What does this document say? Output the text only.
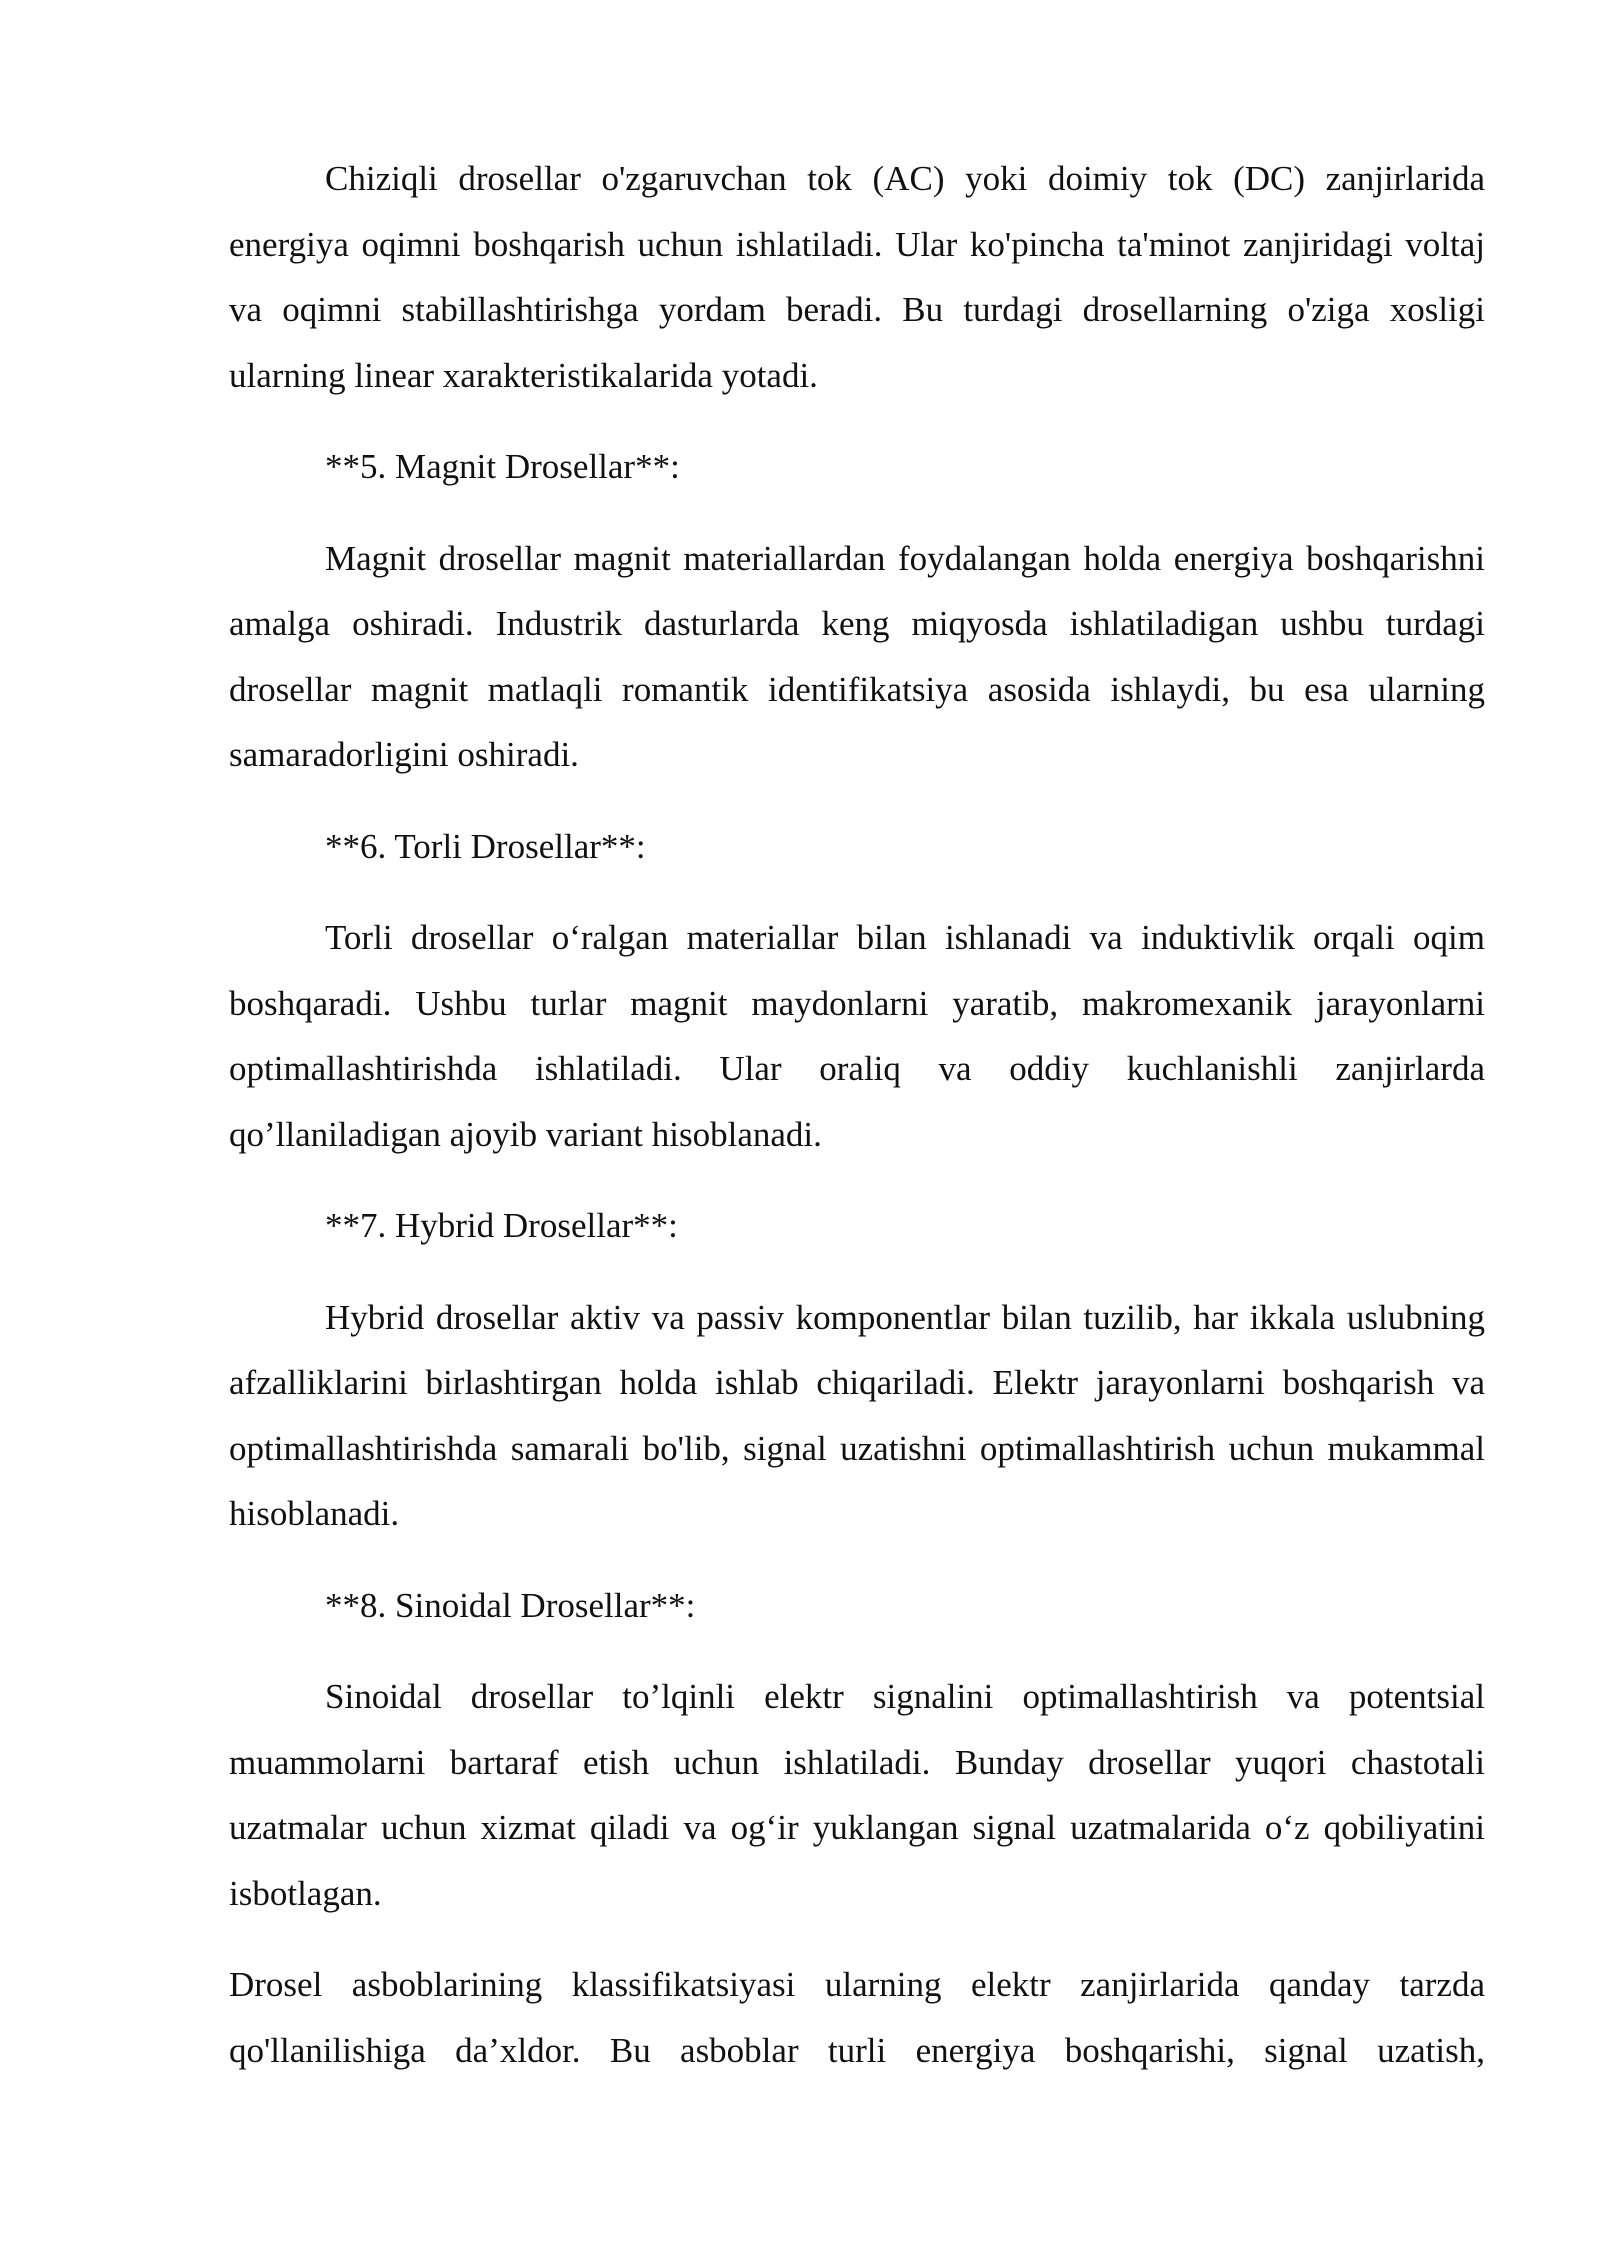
Chiziqli drosellar o'zgaruvchan tok (AC) yoki doimiy tok (DC) zanjirlarida energiya oqimni boshqarish uchun ishlatiladi. Ular ko'pincha ta'minot zanjiridagi voltaj va oqimni stabillashtirishga yordam beradi. Bu turdagi drosellarning o'ziga xosligi ularning linear xarakteristikalarida yotadi.

**5. Magnit Drosellar**:

Magnit drosellar magnit materiallardan foydalangan holda energiya boshqarishni amalga oshiradi. Industrik dasturlarda keng miqyosda ishlatiladigan ushbu turdagi drosellar magnit matlaqli romantik identifikatsiya asosida ishlaydi, bu esa ularning samaradorligini oshiradi.

**6. Torli Drosellar**:

Torli drosellar o‘ralgan materiallar bilan ishlanadi va induktivlik orqali oqim boshqaradi. Ushbu turlar magnit maydonlarni yaratib, makromexanik jarayonlarni optimallashtirishda ishlatiladi. Ular oraliq va oddiy kuchlanishli zanjirlarda qo’llaniladigan ajoyib variant hisoblanadi.

**7. Hybrid Drosellar**:

Hybrid drosellar aktiv va passiv komponentlar bilan tuzilib, har ikkala uslubning afzalliklarini birlashtirgan holda ishlab chiqariladi. Elektr jarayonlarni boshqarish va optimallashtirishda samarali bo'lib, signal uzatishni optimallashtirish uchun mukammal hisoblanadi.

**8. Sinoidal Drosellar**:

Sinoidal drosellar to’lqinli elektr signalini optimallashtirish va potentsial muammolarni bartaraf etish uchun ishlatiladi. Bunday drosellar yuqori chastotali uzatmalar uchun xizmat qiladi va og‘ir yuklangan signal uzatmalarida o‘z qobiliyatini isbotlagan.

Drosel asboblarining klassifikatsiyasi ularning elektr zanjirlarida qanday tarzda qo'llanilishiga da’xldor. Bu asboblar turli energiya boshqarishi, signal uzatish,
